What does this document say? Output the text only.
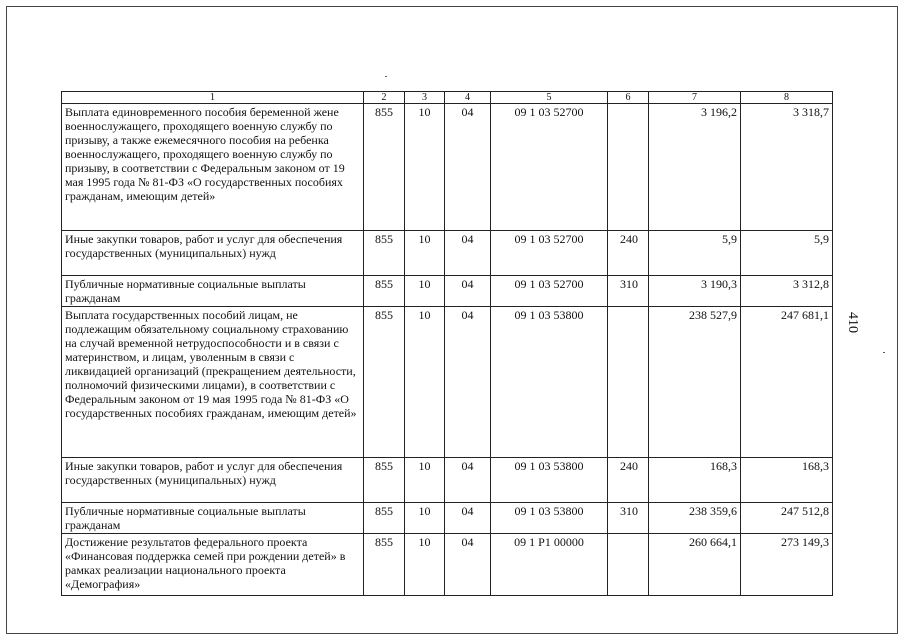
1	2	3	4	5	6	7	8
Выплата единовременного пособия беременной жене военнослужащего, проходящего военную службу по призыву, а также ежемесячного пособия на ребенка военнослужащего, проходящего военную службу по призыву, в соответствии с Федеральным законом от 19 мая 1995 года № 81-ФЗ «О государственных пособиях гражданам, имеющим детей»	855	10	04	09 1 03 52700		3 196,2	3 318,7
Иные закупки товаров, работ и услуг для обеспечения государственных (муниципальных) нужд	855	10	04	09 1 03 52700	240	5,9	5,9
Публичные нормативные социальные выплаты гражданам	855	10	04	09 1 03 52700	310	3 190,3	3 312,8
Выплата государственных пособий лицам, не подлежащим обязательному социальному страхованию на случай временной нетрудоспособности и в связи с материнством, и лицам, уволенным в связи с ликвидацией организаций (прекращением деятельности, полномочий физическими лицами), в соответствии с Федеральным законом от 19 мая 1995 года № 81-ФЗ «О государственных пособиях гражданам, имеющим детей»	855	10	04	09 1 03 53800		238 527,9	247 681,1
Иные закупки товаров, работ и услуг для обеспечения государственных (муниципальных) нужд	855	10	04	09 1 03 53800	240	168,3	168,3
Публичные нормативные социальные выплаты гражданам	855	10	04	09 1 03 53800	310	238 359,6	247 512,8
Достижение результатов федерального проекта «Финансовая поддержка семей при рождении детей» в рамках реализации национального проекта «Демография»	855	10	04	09 1 P1 00000		260 664,1	273 149,3
410
